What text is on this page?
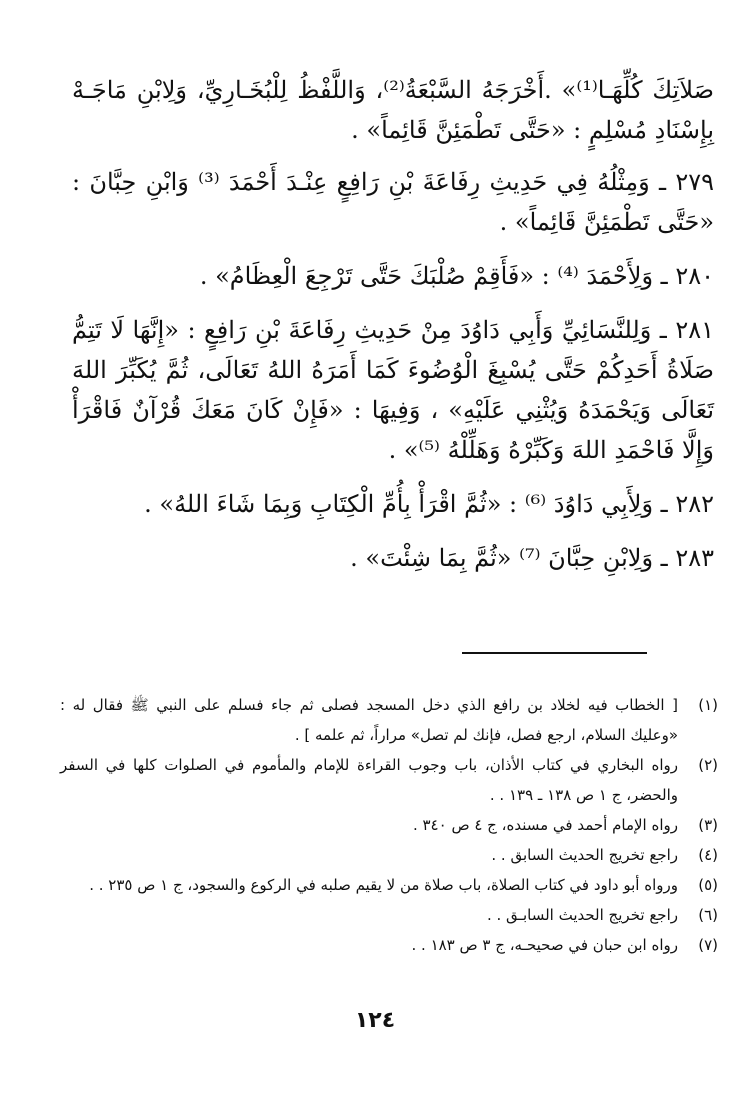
صَلاَتِكَ كُلِّهَـا⁽¹⁾» .أَخْرَجَهُ السَّبْعَةُ⁽²⁾، وَاللَّفْظُ لِلْبُخَـارِيِّ، وَلِابْنِ مَاجَـهْ بِإِسْنَادِ مُسْلِمٍ : «حَتَّى تَطْمَئِنَّ قَائِماً» .

٢٧٩ ـ وَمِثْلُهُ فِي حَدِيثِ رِفَاعَةَ بْنِ رَافِعٍ عِنْـدَ أَحْمَدَ ⁽³⁾ وَابْنِ حِبَّانَ : «حَتَّى تَطْمَئِنَّ قَائِماً» .

٢٨٠ ـ وَلِأَحْمَدَ ⁽⁴⁾ : «فَأَقِمْ صُلْبَكَ حَتَّى تَرْجِعَ الْعِظَامُ» .

٢٨١ ـ وَلِلنَّسَائِيِّ وَأَبِي دَاوُدَ مِنْ حَدِيثِ رِفَاعَةَ بْنِ رَافِعٍ : «إِنَّهَا لَا تَتِمُّ صَلَاةُ أَحَدِكُمْ حَتَّى يُسْبِغَ الْوُضُوءَ كَمَا أَمَرَهُ اللهُ تَعَالَى، ثُمَّ يُكَبِّرَ اللهَ تَعَالَى وَيَحْمَدَهُ وَيُثْنِي عَلَيْهِ» ، وَفِيهَا : «فَإِنْ كَانَ مَعَكَ قُرْآنٌ فَاقْرَأْ وَإِلَّا فَاحْمَدِ اللهَ وَكَبِّرْهُ وَهَلِّلْهُ ⁽⁵⁾» .

٢٨٢ ـ وَلِأَبِي دَاوُدَ ⁽⁶⁾ : «ثُمَّ اقْرَأْ بِأُمِّ الْكِتَابِ وَبِمَا شَاءَ اللهُ» .

٢٨٣ ـ وَلِابْنِ حِبَّانَ ⁽⁷⁾ «ثُمَّ بِمَا شِئْتَ» .

(١)
[ الخطاب فيه لخلاد بن رافع الذي دخل المسجد فصلى ثم جاء فسلم على النبي ﷺ فقال له : «وعليك السلام، ارجع فصل، فإنك لم تصل» مراراً، ثم علمه ] .
(٢)
رواه البخاري في كتاب الأذان، باب وجوب القراءة للإمام والمأموم في الصلوات كلها في السفر والحضر، ج ١ ص ١٣٨ ـ ١٣٩ . .
(٣)
رواه الإمام أحمد في مسنده، ج ٤ ص ٣٤٠ .
(٤)
راجع تخريج الحديث السابق . .
(٥)
ورواه أبو داود في كتاب الصلاة، باب صلاة من لا يقيم صلبه في الركوع والسجود، ج ١ ص ٢٣٥ . .
(٦)
راجع تخريج الحديث السابـق . .
(٧)
رواه ابن حبان في صحيحـه، ج ٣ ص ١٨٣ . .
١٢٤
